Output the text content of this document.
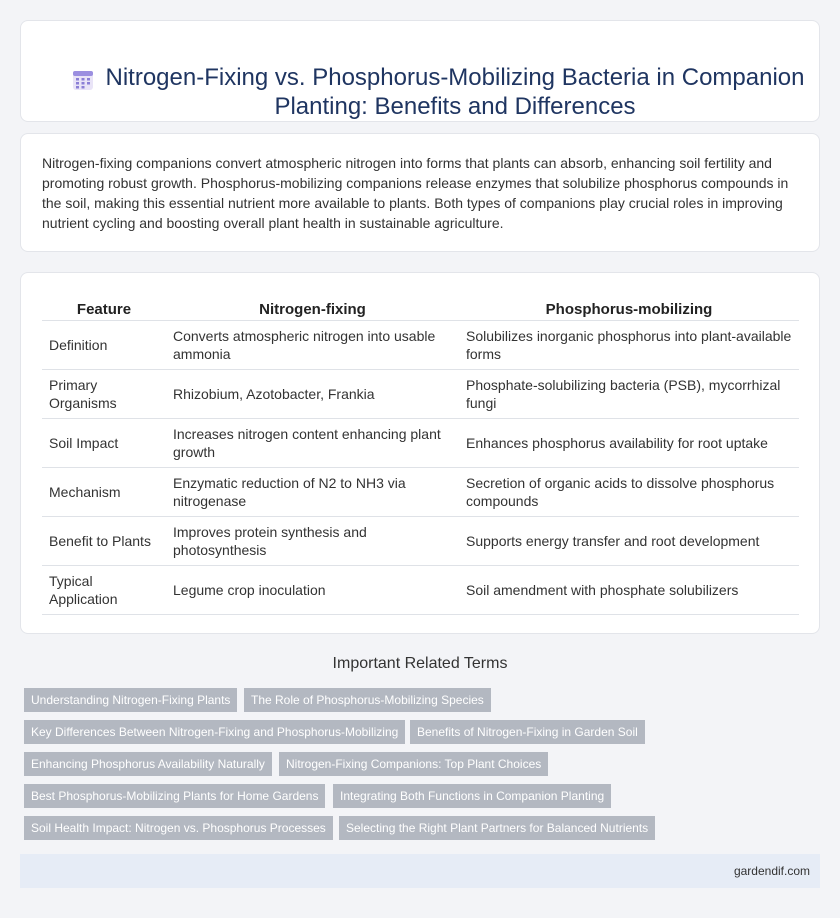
Nitrogen-Fixing vs. Phosphorus-Mobilizing Bacteria in Companion Planting: Benefits and Differences

Nitrogen-fixing companions convert atmospheric nitrogen into forms that plants can absorb, enhancing soil fertility and promoting robust growth. Phosphorus-mobilizing companions release enzymes that solubilize phosphorus compounds in the soil, making this essential nutrient more available to plants. Both types of companions play crucial roles in improving nutrient cycling and boosting overall plant health in sustainable agriculture.

Feature	Nitrogen-fixing	Phosphorus-mobilizing
Definition	Converts atmospheric nitrogen into usable ammonia	Solubilizes inorganic phosphorus into plant-available forms
Primary Organisms	Rhizobium, Azotobacter, Frankia	Phosphate-solubilizing bacteria (PSB), mycorrhizal fungi
Soil Impact	Increases nitrogen content enhancing plant growth	Enhances phosphorus availability for root uptake
Mechanism	Enzymatic reduction of N2 to NH3 via nitrogenase	Secretion of organic acids to dissolve phosphorus compounds
Benefit to Plants	Improves protein synthesis and photosynthesis	Supports energy transfer and root development
Typical Application	Legume crop inoculation	Soil amendment with phosphate solubilizers
Important Related Terms
Understanding Nitrogen-Fixing Plants	The Role of Phosphorus-Mobilizing Species
Key Differences Between Nitrogen-Fixing and Phosphorus-Mobilizing	Benefits of Nitrogen-Fixing in Garden Soil
Enhancing Phosphorus Availability Naturally	Nitrogen-Fixing Companions: Top Plant Choices
Best Phosphorus-Mobilizing Plants for Home Gardens	Integrating Both Functions in Companion Planting
Soil Health Impact: Nitrogen vs. Phosphorus Processes	Selecting the Right Plant Partners for Balanced Nutrients
gardendif.com
